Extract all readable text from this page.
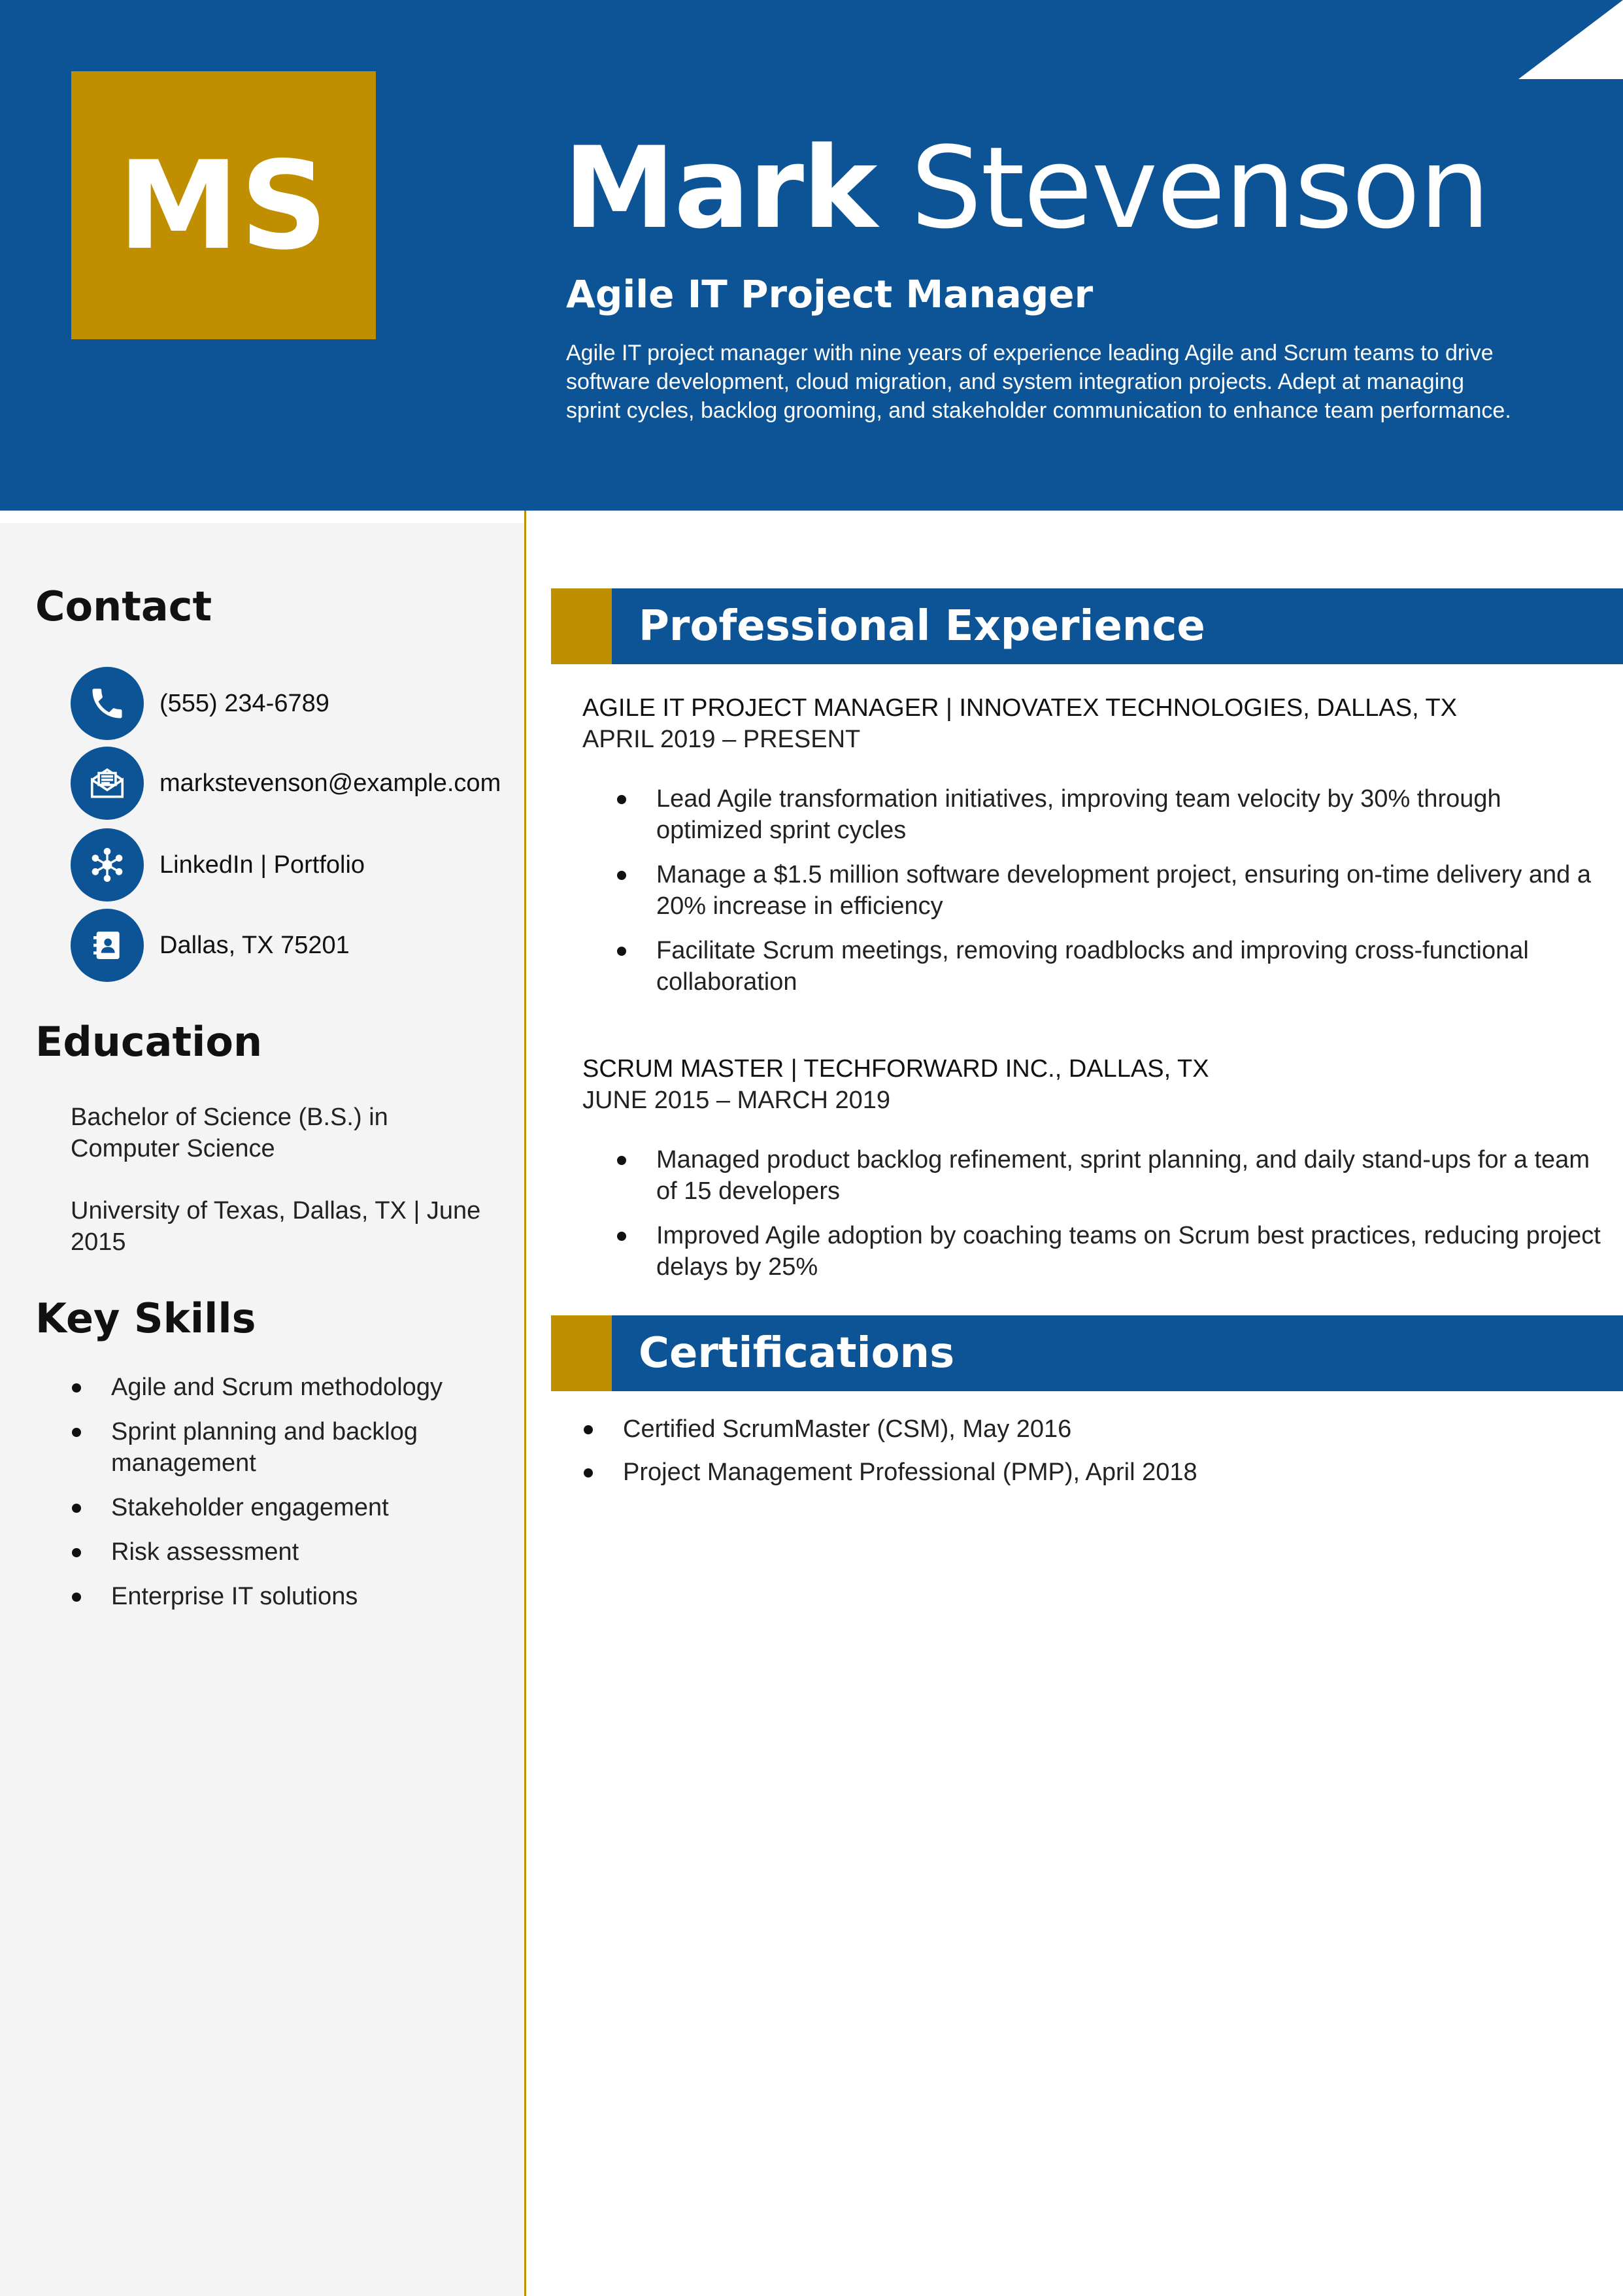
MS	Mark Stevenson
Agile IT Project Manager
Agile IT project manager with nine years of experience leading Agile and Scrum teams to drive software development, cloud migration, and system integration projects. Adept at managing sprint cycles, backlog grooming, and stakeholder communication to enhance team performance.
Contact
(555) 234-6789
markstevenson@example.com
LinkedIn | Portfolio
Dallas, TX 75201
Education
Bachelor of Science (B.S.) in Computer Science
University of Texas, Dallas, TX | June 2015
Key Skills
Agile and Scrum methodology
Sprint planning and backlog management
Stakeholder engagement
Risk assessment
Enterprise IT solutions
Professional Experience
AGILE IT PROJECT MANAGER | INNOVATEX TECHNOLOGIES, DALLAS, TX
APRIL 2019 – PRESENT
Lead Agile transformation initiatives, improving team velocity by 30% through optimized sprint cycles
Manage a $1.5 million software development project, ensuring on-time delivery and a 20% increase in efficiency
Facilitate Scrum meetings, removing roadblocks and improving cross-functional collaboration
SCRUM MASTER | TECHFORWARD INC., DALLAS, TX
JUNE 2015 – MARCH 2019
Managed product backlog refinement, sprint planning, and daily stand-ups for a team of 15 developers
Improved Agile adoption by coaching teams on Scrum best practices, reducing project delays by 25%
Certifications
Certified ScrumMaster (CSM), May 2016
Project Management Professional (PMP), April 2018
